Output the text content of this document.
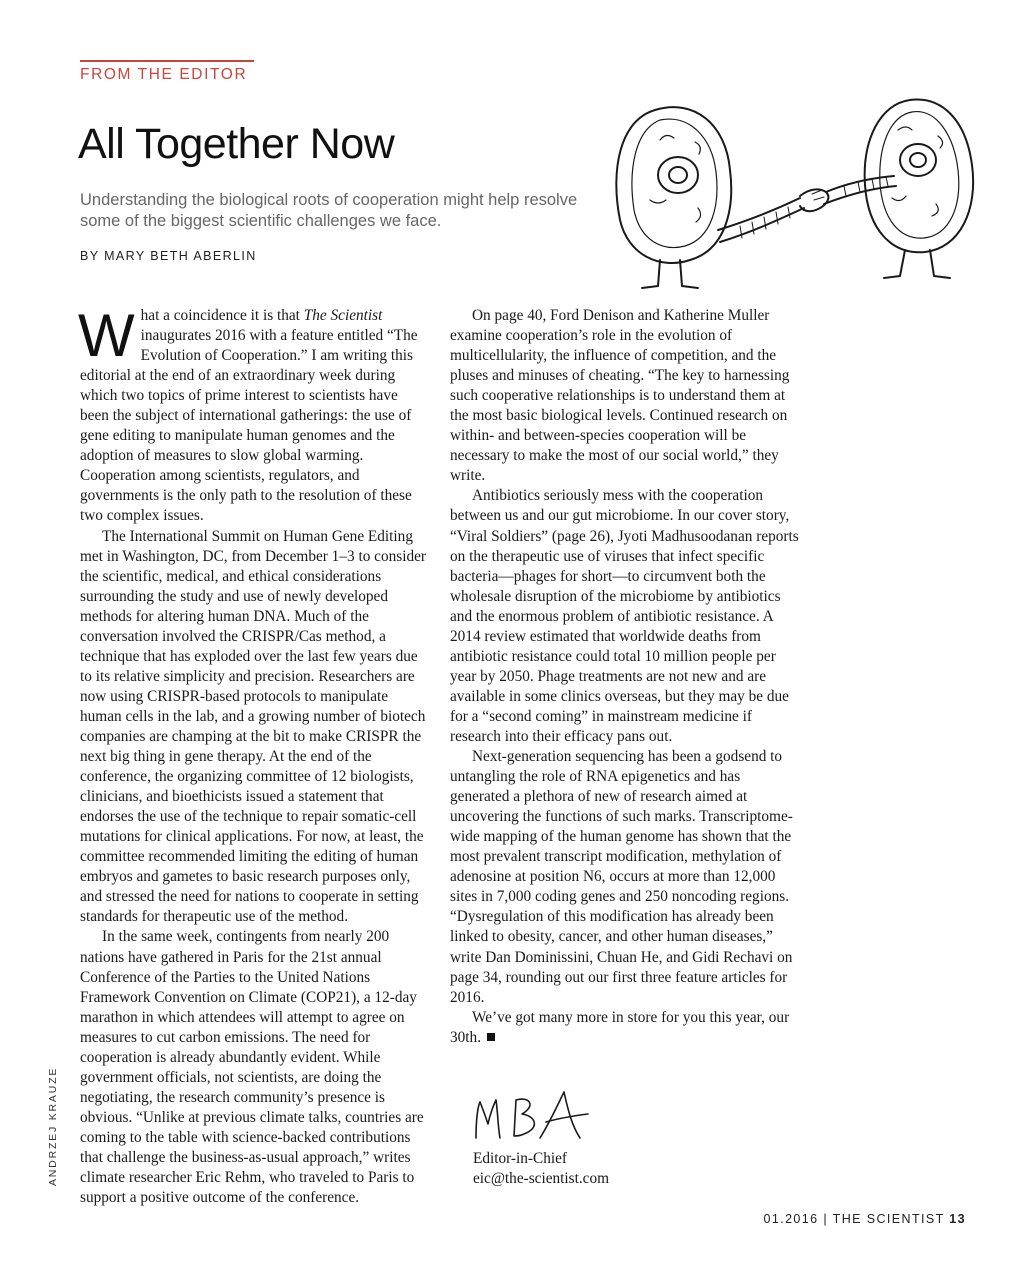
FROM THE EDITOR
All Together Now
Understanding the biological roots of cooperation might help resolve some of the biggest scientific challenges we face.
BY MARY BETH ABERLIN

What a coincidence it is that The Scientist inaugurates 2016 with a feature entitled “The Evolution of Cooperation.” I am writing this editorial at the end of an extraordinary week during which two topics of prime interest to scientists have been the subject of international gatherings: the use of gene editing to manipulate human genomes and the adoption of measures to slow global warming. Cooperation among scientists, regulators, and governments is the only path to the resolution of these two complex issues.

The International Summit on Human Gene Editing met in Washington, DC, from December 1–3 to consider the scientific, medical, and ethical considerations surrounding the study and use of newly developed methods for altering human DNA. Much of the conversation involved the CRISPR/Cas method, a technique that has exploded over the last few years due to its relative simplicity and precision. Researchers are now using CRISPR-based protocols to manipulate human cells in the lab, and a growing number of biotech companies are champing at the bit to make CRISPR the next big thing in gene therapy. At the end of the conference, the organizing committee of 12 biologists, clinicians, and bioethicists issued a statement that endorses the use of the technique to repair somatic-cell mutations for clinical applications. For now, at least, the committee recommended limiting the editing of human embryos and gametes to basic research purposes only, and stressed the need for nations to cooperate in setting standards for therapeutic use of the method.

In the same week, contingents from nearly 200 nations have gathered in Paris for the 21st annual Conference of the Parties to the United Nations Framework Convention on Climate (COP21), a 12-day marathon in which attendees will attempt to agree on measures to cut carbon emissions. The need for cooperation is already abundantly evident. While government officials, not scientists, are doing the negotiating, the research community’s presence is obvious. “Unlike at previous climate talks, countries are coming to the table with science-backed contributions that challenge the business-as-usual approach,” writes climate researcher Eric Rehm, who traveled to Paris to support a positive outcome of the conference.

On page 40, Ford Denison and Katherine Muller examine cooperation’s role in the evolution of multicellularity, the influence of competition, and the pluses and minuses of cheating. “The key to harnessing such cooperative relationships is to understand them at the most basic biological levels. Continued research on within- and between-species cooperation will be necessary to make the most of our social world,” they write.

Antibiotics seriously mess with the cooperation between us and our gut microbiome. In our cover story, “Viral Soldiers” (page 26), Jyoti Madhusoodanan reports on the therapeutic use of viruses that infect specific bacteria—phages for short—to circumvent both the wholesale disruption of the microbiome by antibiotics and the enormous problem of antibiotic resistance. A 2014 review estimated that worldwide deaths from antibiotic resistance could total 10 million people per year by 2050. Phage treatments are not new and are available in some clinics overseas, but they may be due for a “second coming” in mainstream medicine if research into their efficacy pans out.

Next-generation sequencing has been a godsend to untangling the role of RNA epigenetics and has generated a plethora of new of research aimed at uncovering the functions of such marks. Transcriptome-wide mapping of the human genome has shown that the most prevalent transcript modification, methylation of adenosine at position N6, occurs at more than 12,000 sites in 7,000 coding genes and 250 noncoding regions. “Dysregulation of this modification has already been linked to obesity, cancer, and other human diseases,” write Dan Dominissini, Chuan He, and Gidi Rechavi on page 34, rounding out our first three feature articles for 2016.

We’ve got many more in store for you this year, our 30th.

Editor-in-Chief
eic@the-scientist.com
ANDRZEJ KRAUZE
01.2016 | THE SCIENTIST 13
